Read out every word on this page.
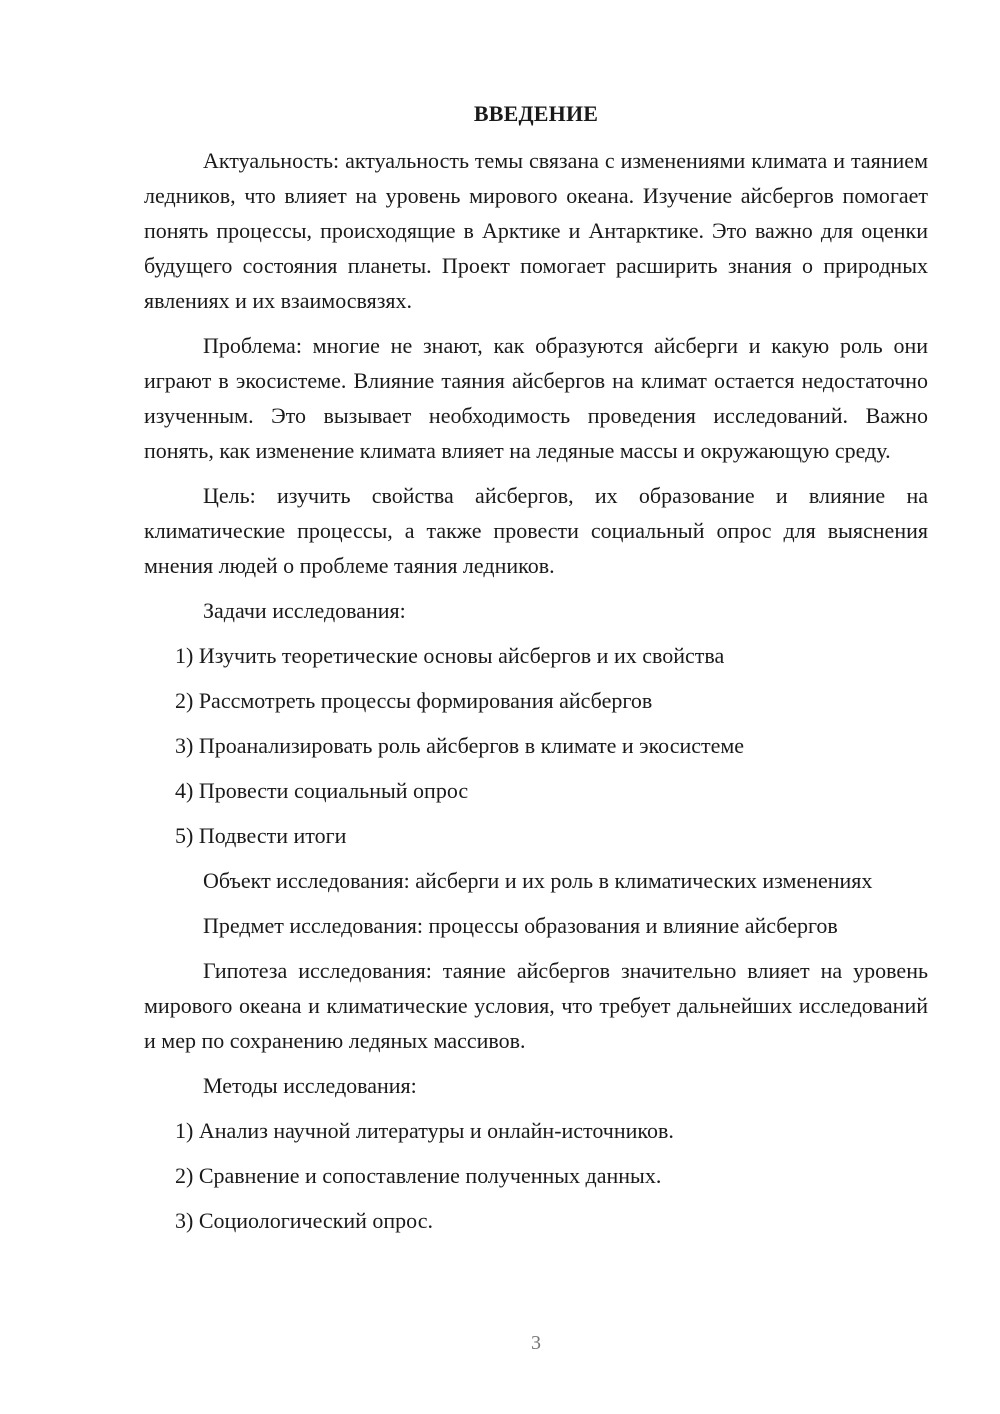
ВВЕДЕНИЕ

Актуальность: актуальность темы связана с изменениями климата и таянием ледников, что влияет на уровень мирового океана. Изучение айсбергов помогает понять процессы, происходящие в Арктике и Антарктике. Это важно для оценки будущего состояния планеты. Проект помогает расширить знания о природных явлениях и их взаимосвязях.

Проблема: многие не знают, как образуются айсберги и какую роль они играют в экосистеме. Влияние таяния айсбергов на климат остается недостаточно изученным. Это вызывает необходимость проведения исследований. Важно понять, как изменение климата влияет на ледяные массы и окружающую среду.

Цель: изучить свойства айсбергов, их образование и влияние на климатические процессы, а также провести социальный опрос для выяснения мнения людей о проблеме таяния ледников.

Задачи исследования:
1) Изучить теоретические основы айсбергов и их свойства
2) Рассмотреть процессы формирования айсбергов
3) Проанализировать роль айсбергов в климате и экосистеме
4) Провести социальный опрос
5) Подвести итоги

Объект исследования: айсберги и их роль в климатических изменениях

Предмет исследования: процессы образования и влияние айсбергов

Гипотеза исследования: таяние айсбергов значительно влияет на уровень мирового океана и климатические условия, что требует дальнейших исследований и мер по сохранению ледяных массивов.

Методы исследования:
1) Анализ научной литературы и онлайн-источников.
2) Сравнение и сопоставление полученных данных.
3) Социологический опрос.
3
